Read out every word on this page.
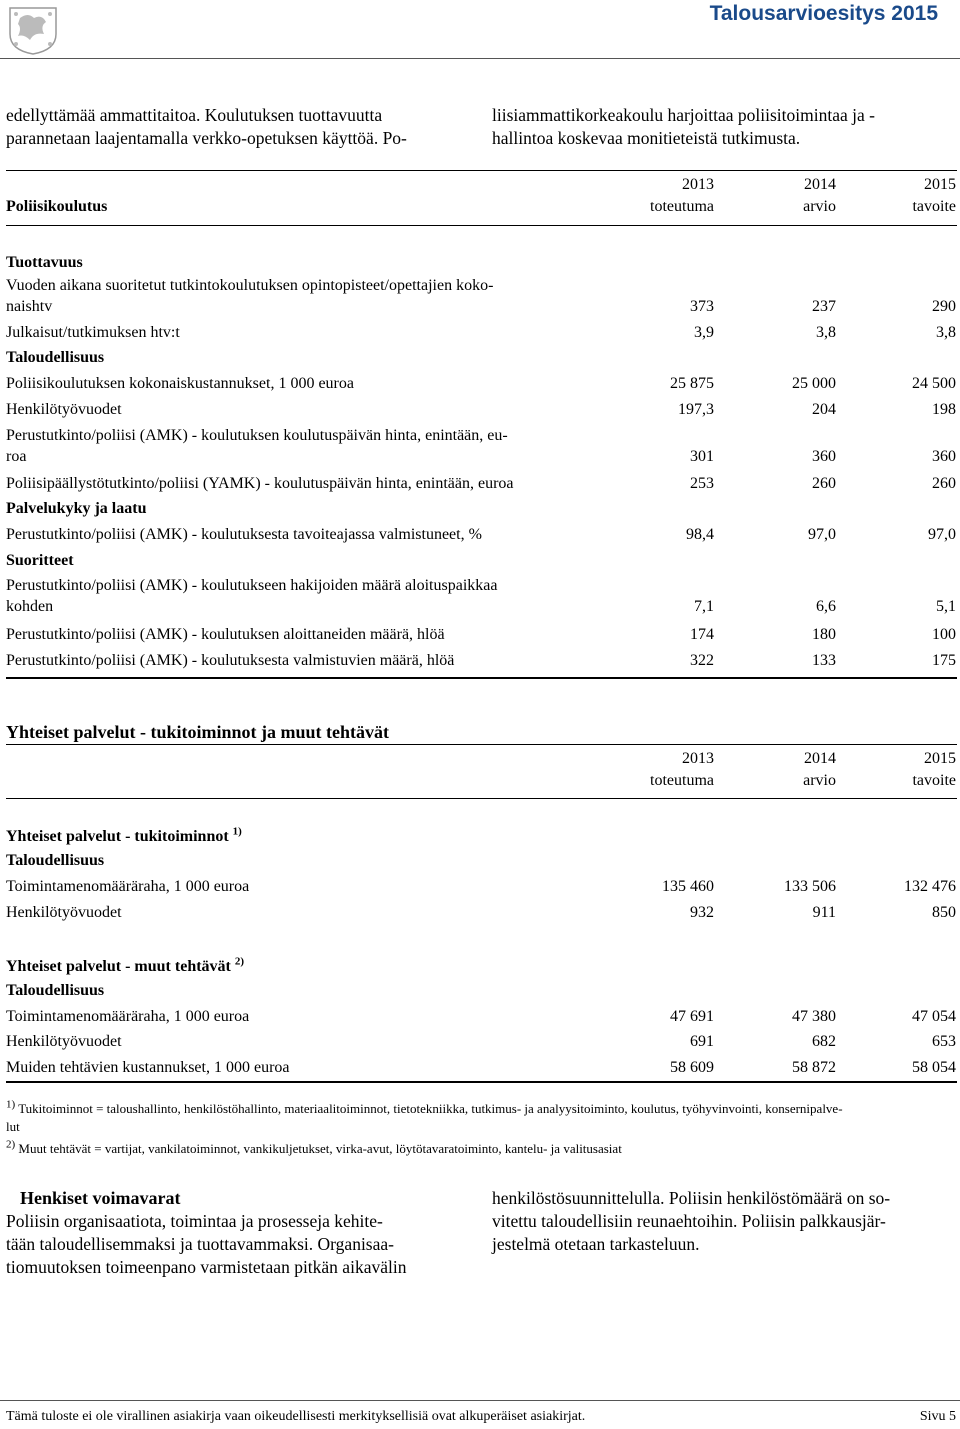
Talousarvioesitys 2015
edellyttämää ammattitaitoa. Koulutuksen tuottavuutta
parannetaan laajentamalla verkko-opetuksen käyttöä. Po-
liisiammattikorkeakoulu harjoittaa poliisitoimintaa ja -
hallintoa koskevaa monitieteistä tutkimusta.
2013	2014	2015
Poliisikoulutus	toteutuma	arvio	tavoite
Tuottavuus
Vuoden aikana suoritetut tutkintokoulutuksen opintopisteet/opettajien koko-
naishtv	373	237	290
Julkaisut/tutkimuksen htv:t	3,9	3,8	3,8
Taloudellisuus
Poliisikoulutuksen kokonaiskustannukset, 1 000 euroa	25 875	25 000	24 500
Henkilötyövuodet	197,3	204	198
Perustutkinto/poliisi (AMK) - koulutuksen koulutuspäivän hinta, enintään, eu-
roa	301	360	360
Poliisipäällystötutkinto/poliisi (YAMK) - koulutuspäivän hinta, enintään, euroa	253	260	260
Palvelukyky ja laatu
Perustutkinto/poliisi (AMK) - koulutuksesta tavoiteajassa valmistuneet, %	98,4	97,0	97,0
Suoritteet
Perustutkinto/poliisi (AMK) - koulutukseen hakijoiden määrä aloituspaikkaa
kohden	7,1	6,6	5,1
Perustutkinto/poliisi (AMK) - koulutuksen aloittaneiden määrä, hlöä	174	180	100
Perustutkinto/poliisi (AMK) - koulutuksesta valmistuvien määrä, hlöä	322	133	175
Yhteiset palvelut - tukitoiminnot ja muut tehtävät
2013	2014	2015
toteutuma	arvio	tavoite
Yhteiset palvelut - tukitoiminnot $^{1)}$
Taloudellisuus
Toimintamenomääräraha, 1 000 euroa	135 460	133 506	132 476
Henkilötyövuodet	932	911	850
Yhteiset palvelut - muut tehtävät $^{2)}$
Taloudellisuus
Toimintamenomääräraha, 1 000 euroa	47 691	47 380	47 054
Henkilötyövuodet	691	682	653
Muiden tehtävien kustannukset, 1 000 euroa	58 609	58 872	58 054
$^{1)}$ Tukitoiminnot = taloushallinto, henkilöstöhallinto, materiaalitoiminnot, tietotekniikka, tutkimus- ja analyysitoiminto, koulutus, työhyvinvointi, konsernipalve-
lut
$^{2)}$ Muut tehtävät = vartijat, vankilatoiminnot, vankikuljetukset, virka-avut, löytötavaratoiminto, kantelu- ja valitusasiat
Henkiset voimavarat
Poliisin organisaatiota, toimintaa ja prosesseja kehite-
tään taloudellisemmaksi ja tuottavammaksi. Organisaa-
tiomuutoksen toimeenpano varmistetaan pitkän aikavälin
henkilöstösuunnittelulla. Poliisin henkilöstömäärä on so-
vitettu taloudellisiin reunaehtoihin. Poliisin palkkausjär-
jestelmä otetaan tarkasteluun.
Tämä tuloste ei ole virallinen asiakirja vaan oikeudellisesti merkityksellisiä ovat alkuperäiset asiakirjat.	Sivu 5
